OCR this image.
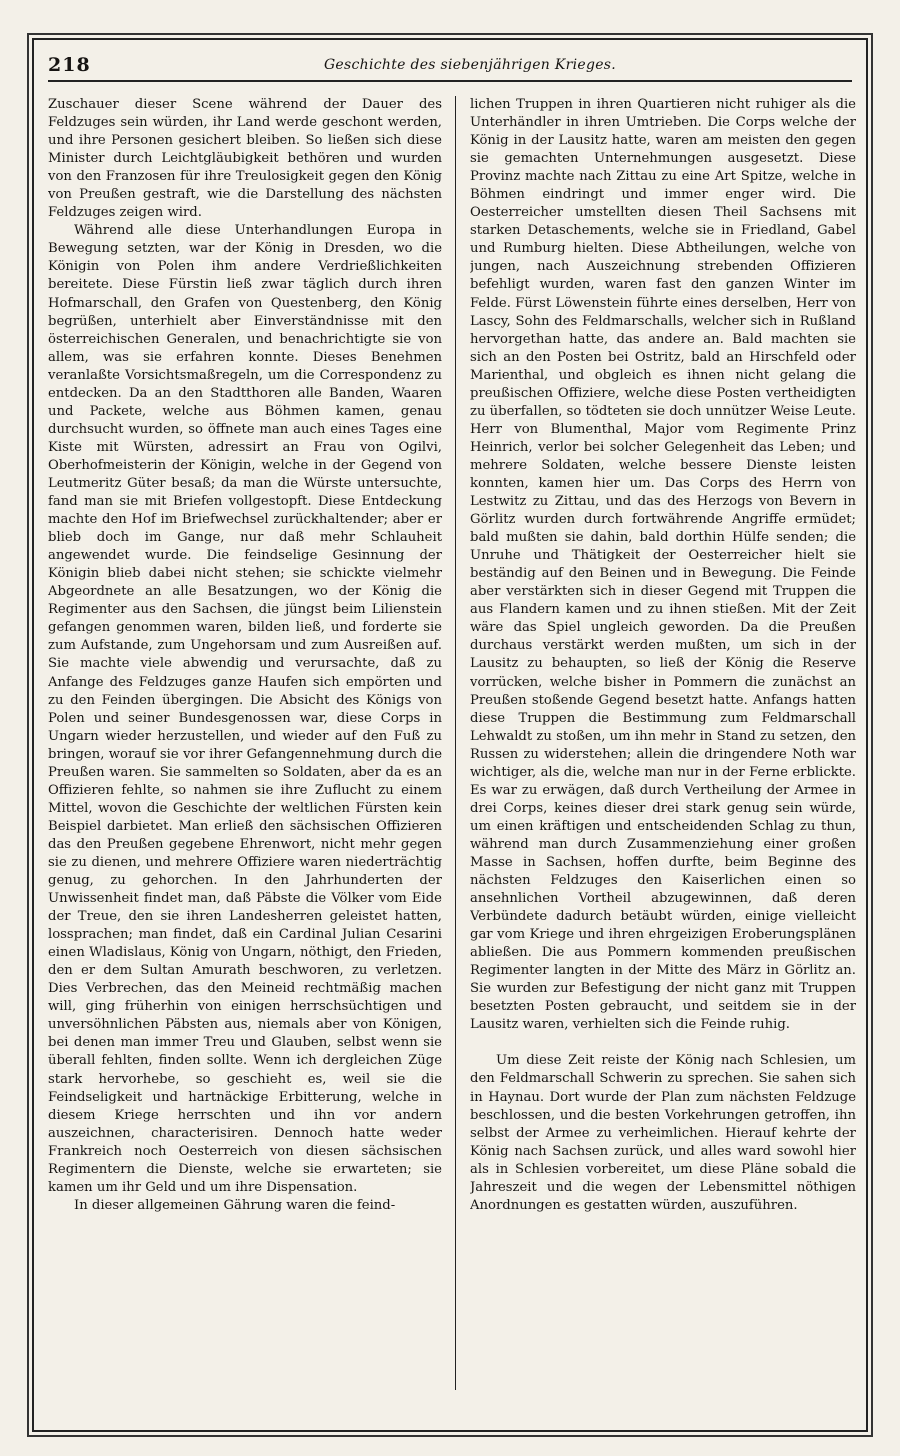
218	Geschichte des siebenjährigen Krieges.

Zuschauer dieser Scene während der Dauer des Feldzuges sein würden, ihr Land werde geschont werden, und ihre Personen gesichert bleiben. So ließen sich diese Minister durch Leichtgläubigkeit bethören und wurden von den Franzosen für ihre Treulosigkeit gegen den König von Preußen gestraft, wie die Darstellung des nächsten Feldzuges zeigen wird.

Während alle diese Unterhandlungen Europa in Bewegung setzten, war der König in Dresden, wo die Königin von Polen ihm andere Verdrießlichkeiten bereitete. Diese Fürstin ließ zwar täglich durch ihren Hofmarschall, den Grafen von Questenberg, den König begrüßen, unterhielt aber Einverständnisse mit den österreichischen Generalen, und benachrichtigte sie von allem, was sie erfahren konnte. Dieses Benehmen veranlaßte Vorsichtsmaßregeln, um die Correspondenz zu entdecken. Da an den Stadtthoren alle Banden, Waaren und Packete, welche aus Böhmen kamen, genau durchsucht wurden, so öffnete man auch eines Tages eine Kiste mit Würsten, adressirt an Frau von Ogilvi, Oberhofmeisterin der Königin, welche in der Gegend von Leutmeritz Güter besaß; da man die Würste untersuchte, fand man sie mit Briefen vollgestopft. Diese Entdeckung machte den Hof im Briefwechsel zurückhaltender; aber er blieb doch im Gange, nur daß mehr Schlauheit angewendet wurde. Die feindselige Gesinnung der Königin blieb dabei nicht stehen; sie schickte vielmehr Abgeordnete an alle Besatzungen, wo der König die Regimenter aus den Sachsen, die jüngst beim Lilienstein gefangen genommen waren, bilden ließ, und forderte sie zum Aufstande, zum Ungehorsam und zum Ausreißen auf. Sie machte viele abwendig und verursachte, daß zu Anfange des Feldzuges ganze Haufen sich empörten und zu den Feinden übergingen. Die Absicht des Königs von Polen und seiner Bundesgenossen war, diese Corps in Ungarn wieder herzustellen, und wieder auf den Fuß zu bringen, worauf sie vor ihrer Gefangennehmung durch die Preußen waren. Sie sammelten so Soldaten, aber da es an Offizieren fehlte, so nahmen sie ihre Zuflucht zu einem Mittel, wovon die Geschichte der weltlichen Fürsten kein Beispiel darbietet. Man erließ den sächsischen Offizieren das den Preußen gegebene Ehrenwort, nicht mehr gegen sie zu dienen, und mehrere Offiziere waren niederträchtig genug, zu gehorchen. In den Jahrhunderten der Unwissenheit findet man, daß Päbste die Völker vom Eide der Treue, den sie ihren Landesherren geleistet hatten, lossprachen; man findet, daß ein Cardinal Julian Cesarini einen Wladislaus, König von Ungarn, nöthigt, den Frieden, den er dem Sultan Amurath beschworen, zu verletzen. Dies Verbrechen, das den Meineid rechtmäßig machen will, ging früherhin von einigen herrschsüchtigen und unversöhnlichen Päbsten aus, niemals aber von Königen, bei denen man immer Treu und Glauben, selbst wenn sie überall fehlten, finden sollte. Wenn ich dergleichen Züge stark hervorhebe, so geschieht es, weil sie die Feindseligkeit und hartnäckige Erbitterung, welche in diesem Kriege herrschten und ihn vor andern auszeichnen, characterisiren. Dennoch hatte weder Frankreich noch Oesterreich von diesen sächsischen Regimentern die Dienste, welche sie erwarteten; sie kamen um ihr Geld und um ihre Dispensation.

In dieser allgemeinen Gährung waren die feind-

lichen Truppen in ihren Quartieren nicht ruhiger als die Unterhändler in ihren Umtrieben. Die Corps welche der König in der Lausitz hatte, waren am meisten den gegen sie gemachten Unternehmungen ausgesetzt. Diese Provinz machte nach Zittau zu eine Art Spitze, welche in Böhmen eindringt und immer enger wird. Die Oesterreicher umstellten diesen Theil Sachsens mit starken Detaschements, welche sie in Friedland, Gabel und Rumburg hielten. Diese Abtheilungen, welche von jungen, nach Auszeichnung strebenden Offizieren befehligt wurden, waren fast den ganzen Winter im Felde. Fürst Löwenstein führte eines derselben, Herr von Lascy, Sohn des Feldmarschalls, welcher sich in Rußland hervorgethan hatte, das andere an. Bald machten sie sich an den Posten bei Ostritz, bald an Hirschfeld oder Marienthal, und obgleich es ihnen nicht gelang die preußischen Offiziere, welche diese Posten vertheidigten zu überfallen, so tödteten sie doch unnützer Weise Leute. Herr von Blumenthal, Major vom Regimente Prinz Heinrich, verlor bei solcher Gelegenheit das Leben; und mehrere Soldaten, welche bessere Dienste leisten konnten, kamen hier um. Das Corps des Herrn von Lestwitz zu Zittau, und das des Herzogs von Bevern in Görlitz wurden durch fortwährende Angriffe ermüdet; bald mußten sie dahin, bald dorthin Hülfe senden; die Unruhe und Thätigkeit der Oesterreicher hielt sie beständig auf den Beinen und in Bewegung. Die Feinde aber verstärkten sich in dieser Gegend mit Truppen die aus Flandern kamen und zu ihnen stießen. Mit der Zeit wäre das Spiel ungleich geworden. Da die Preußen durchaus verstärkt werden mußten, um sich in der Lausitz zu behaupten, so ließ der König die Reserve vorrücken, welche bisher in Pommern die zunächst an Preußen stoßende Gegend besetzt hatte. Anfangs hatten diese Truppen die Bestimmung zum Feldmarschall Lehwaldt zu stoßen, um ihn mehr in Stand zu setzen, den Russen zu widerstehen; allein die dringendere Noth war wichtiger, als die, welche man nur in der Ferne erblickte. Es war zu erwägen, daß durch Vertheilung der Armee in drei Corps, keines dieser drei stark genug sein würde, um einen kräftigen und entscheidenden Schlag zu thun, während man durch Zusammenziehung einer großen Masse in Sachsen, hoffen durfte, beim Beginne des nächsten Feldzuges den Kaiserlichen einen so ansehnlichen Vortheil abzugewinnen, daß deren Verbündete dadurch betäubt würden, einige vielleicht gar vom Kriege und ihren ehrgeizigen Eroberungsplänen abließen. Die aus Pommern kommenden preußischen Regimenter langten in der Mitte des März in Görlitz an. Sie wurden zur Befestigung der nicht ganz mit Truppen besetzten Posten gebraucht, und seitdem sie in der Lausitz waren, verhielten sich die Feinde ruhig.

Um diese Zeit reiste der König nach Schlesien, um den Feldmarschall Schwerin zu sprechen. Sie sahen sich in Haynau. Dort wurde der Plan zum nächsten Feldzuge beschlossen, und die besten Vorkehrungen getroffen, ihn selbst der Armee zu verheimlichen. Hierauf kehrte der König nach Sachsen zurück, und alles ward sowohl hier als in Schlesien vorbereitet, um diese Pläne sobald die Jahreszeit und die wegen der Lebensmittel nöthigen Anordnungen es gestatten würden, auszuführen.
